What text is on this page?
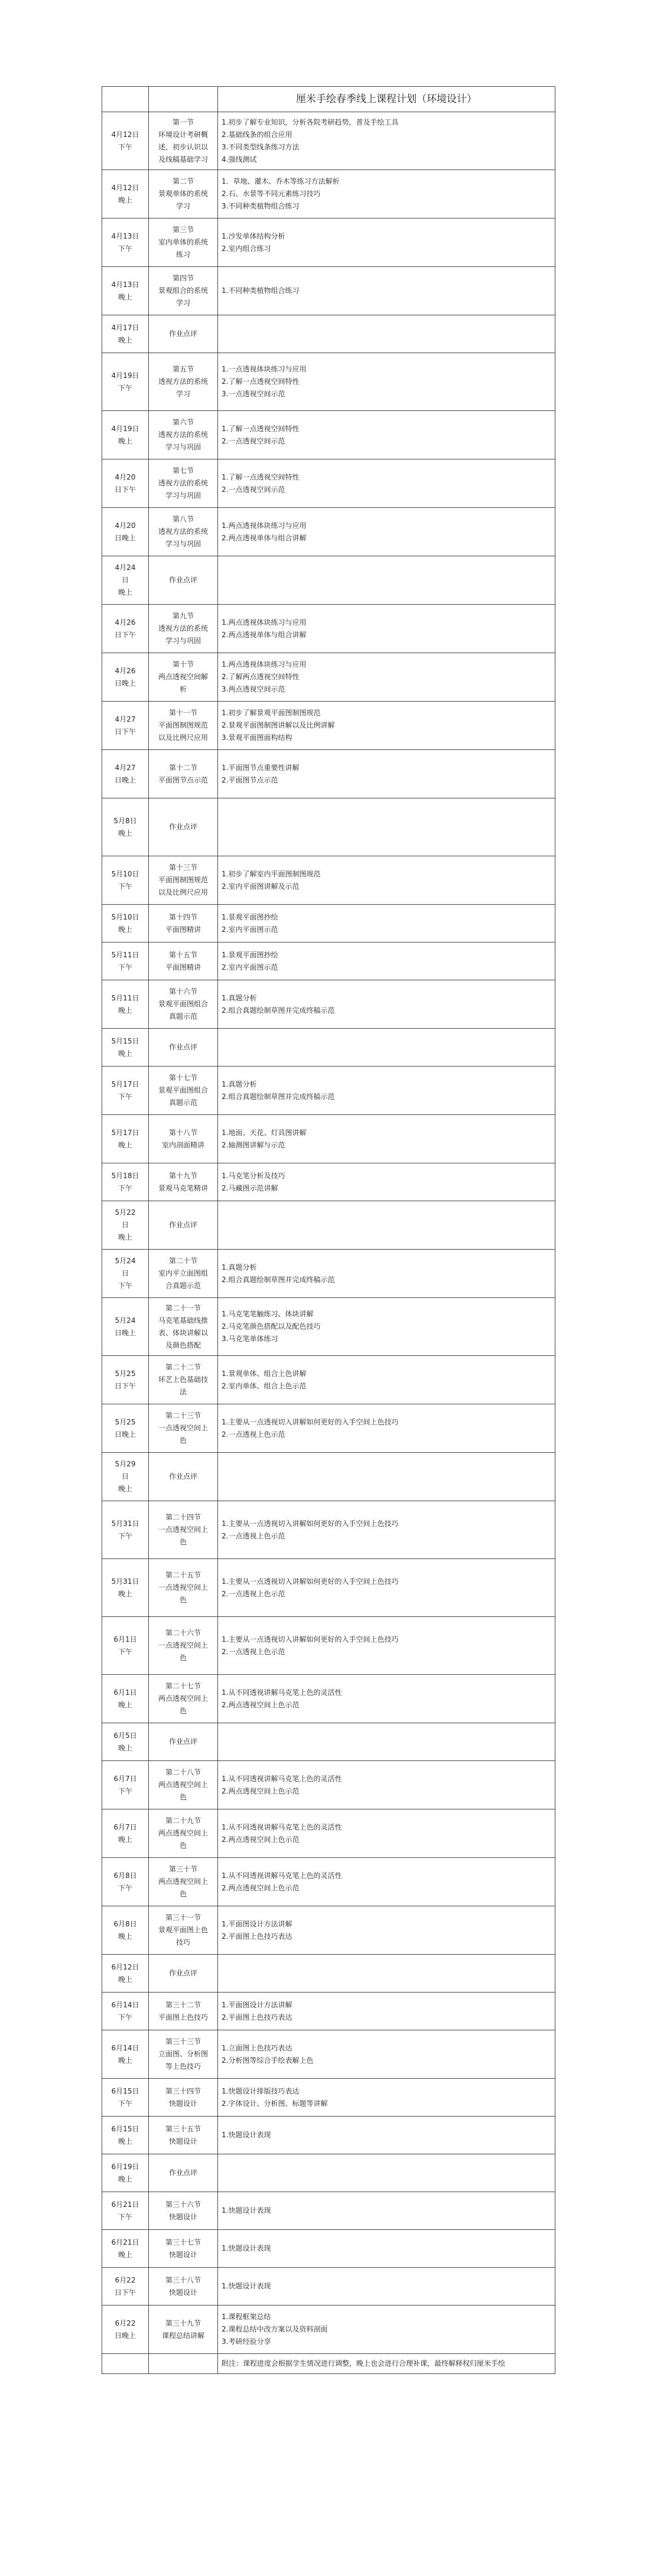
		厘米手绘春季线上课程计划（环境设计）

4月12日
下午	第一节
环境设计考研概
述，初步认识以
及线稿基础学习	1.初步了解专业知识，分析各院考研趋势，普及手绘工具
2.基础线条的组合应用
3.不同类型线条练习方法
4.强线测试

4月12日
晚上	第二节
景观单体的系统
学习	1．草地、灌木、乔木等练习方法解析
2.石、水景等不同元素练习技巧
3.不同种类植物组合练习

4月13日
下午	第三节
室内单体的系统
练习	1.沙发单体结构分析
2.室内组合练习

4月13日
晚上	第四节
景观组合的系统
学习	1.不同种类植物组合练习

4月17日
晚上	作业点评	

4月19日
下午	第五节
透视方法的系统
学习	1.一点透视体块练习与应用
2.了解一点透视空间特性
3.一点透视空间示范

4月19日
晚上	第六节
透视方法的系统
学习与巩固	1.了解一点透视空间特性
2.一点透视空间示范

4月20
日下午	第七节
透视方法的系统
学习与巩固	1.了解一点透视空间特性
2.一点透视空间示范

4月20
日晚上	第八节
透视方法的系统
学习与巩固	1.两点透视体块练习与应用
2.两点透视单体与组合讲解

4月24
日
晚上	作业点评	

4月26
日下午	第九节
透视方法的系统
学习与巩固	1.两点透视体块练习与应用
2.两点透视单体与组合讲解

4月26
日晚上	第十节
两点透视空间解
析	1.两点透视体块练习与应用
2.了解两点透视空间特性
3.两点透视空间示范

4月27
日下午	第十一节
平面图制图规范
以及比例尺应用	1.初步了解景观平面图制图规范
2.景观平面图制图讲解以及比例讲解
3.景观平面图面构结构

4月27
日晚上	第十二节
平面图节点示范	1.平面图节点重要性讲解
2.平面图节点示范

5月8日
晚上	作业点评	

5月10日
下午	第十三节
平面图制图规范
以及比例尺应用	1.初步了解室内平面图制图规范
2.室内平面图讲解及示范

5月10日
晚上	第十四节
平面图精讲	1.景观平面图抄绘
2.室内平面图示范

5月11日
下午	第十五节
平面图精讲	1.景观平面图抄绘
2.室内平面图示范

5月11日
晚上	第十六节
景观平面图组合
真题示范	1.真题分析
2.组合真题绘制草图并完成终稿示范

5月15日
晚上	作业点评	

5月17日
下午	第十七节
景观平面图组合
真题示范	1.真题分析
2.组合真题绘制草图并完成终稿示范

5月17日
晚上	第十八节
室内剖面精讲	1.地面、天花、灯具图讲解
2.轴测图讲解与示范

5月18日
下午	第十九节
景观马克笔精讲	1.马克笔分析及技巧
2.马藏图示范讲解

5月22
日
晚上	作业点评	

5月24
日
下午	第二十节
室内平立面图组
合真题示范	1.真题分析
2.组合真题绘制草图并完成终稿示范

5月24
日晚上	第二十一节
马克笔基础线推
表、体块讲解以
及颜色搭配	1.马克笔笔触练习、体块讲解
2.马克笔颜色搭配以及配色技巧
3.马克笔单体练习

5月25
日下午	第二十二节
环艺上色基础技
法	1.景观单体、组合上色讲解
2.室内单体、组合上色示范

5月25
日晚上	第二十三节
一点透视空间上
色	1.主要从一点透视切入讲解如何更好的入手空间上色技巧
2.一点透视上色示范

5月29
日
晚上	作业点评	

5月31日
下午	第二十四节
一点透视空间上
色	1.主要从一点透视切入讲解如何更好的入手空间上色技巧
2.一点透视上色示范

5月31日
晚上	第二十五节
一点透视空间上
色	1.主要从一点透视切入讲解如何更好的入手空间上色技巧
2.一点透视上色示范

6月1日
下午	第二十六节
一点透视空间上
色	1.主要从一点透视切入讲解如何更好的入手空间上色技巧
2.一点透视上色示范

6月1日
晚上	第二十七节
两点透视空间上
色	1.从不同透视讲解马克笔上色的灵活性
2.两点透视空间上色示范

6月5日
晚上	作业点评	

6月7日
下午	第二十八节
两点透视空间上
色	1.从不同透视讲解马克笔上色的灵活性
2.两点透视空间上色示范

6月7日
晚上	第二十九节
两点透视空间上
色	1.从不同透视讲解马克笔上色的灵活性
2.两点透视空间上色示范

6月8日
下午	第三十节
两点透视空间上
色	1.从不同透视讲解马克笔上色的灵活性
2.两点透视空间上色示范

6月8日
晚上	第三十一节
景观平面图上色
技巧	1.平面图设计方法讲解
2.平面图上色技巧表达

6月12日
晚上	作业点评	

6月14日
下午	第三十二节
平面图上色技巧	1.平面图设计方法讲解
2.平面图上色技巧表达

6月14日
晚上	第三十三节
立面图、分析图
等上色技巧	1.立面图上色技巧表达
2.分析图等综合手绘表解上色

6月15日
下午	第三十四节
快题设计	1.快题设计排版技巧表达
2.字体设计、分析图、标题等讲解

6月15日
晚上	第三十五节
快题设计	1.快题设计表现

6月19日
晚上	作业点评	

6月21日
下午	第三十六节
快题设计	1.快题设计表现

6月21日
晚上	第三十七节
快题设计	1.快题设计表现

6月22
日下午	第三十八节
快题设计	1.快题设计表现

6月22
日晚上	第三十九节
课程总结讲解	1.课程框架总结
2.课程总结中改方案以及资料剖面
3.考研经验分享

		附注：课程进度会根据学生情况进行调整，晚上也会进行合理补课，最终解释权归厘米手绘
